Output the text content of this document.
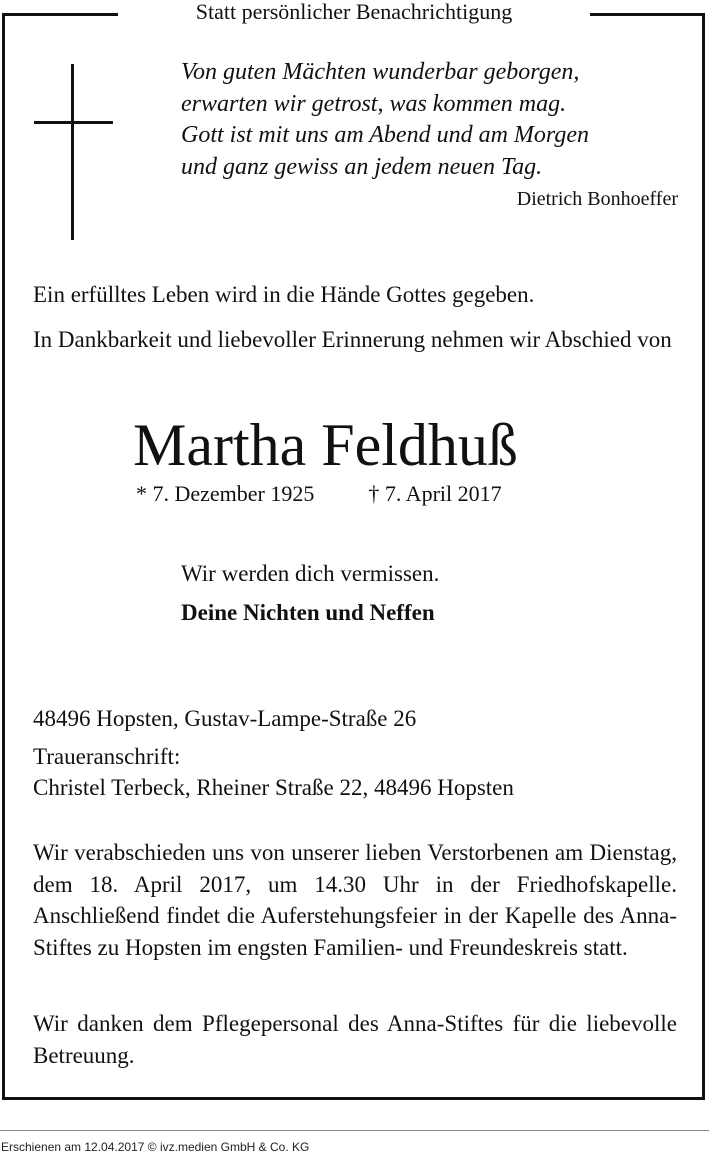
Statt persönlicher Benachrichtigung
Von guten Mächten wunderbar geborgen,
erwarten wir getrost, was kommen mag.
Gott ist mit uns am Abend und am Morgen
und ganz gewiss an jedem neuen Tag.
Dietrich Bonhoeffer
Ein erfülltes Leben wird in die Hände Gottes gegeben.
In Dankbarkeit und liebevoller Erinnerung nehmen wir Abschied von
Martha Feldhuß
* 7. Dezember 1925 † 7. April 2017
Wir werden dich vermissen.
Deine Nichten und Neffen
48496 Hopsten, Gustav-Lampe-Straße 26
Traueranschrift:
Christel Terbeck, Rheiner Straße 22, 48496 Hopsten
Wir verabschieden uns von unserer lieben Verstorbenen am Dienstag, dem 18. April 2017, um 14.30 Uhr in der Friedhofskapelle. Anschließend findet die Auferstehungsfeier in der Kapelle des Anna-Stiftes zu Hopsten im engsten Familien- und Freundeskreis statt.
Wir danken dem Pflegepersonal des Anna-Stiftes für die liebevolle Betreuung.
Erschienen am 12.04.2017 © ivz.medien GmbH & Co. KG
